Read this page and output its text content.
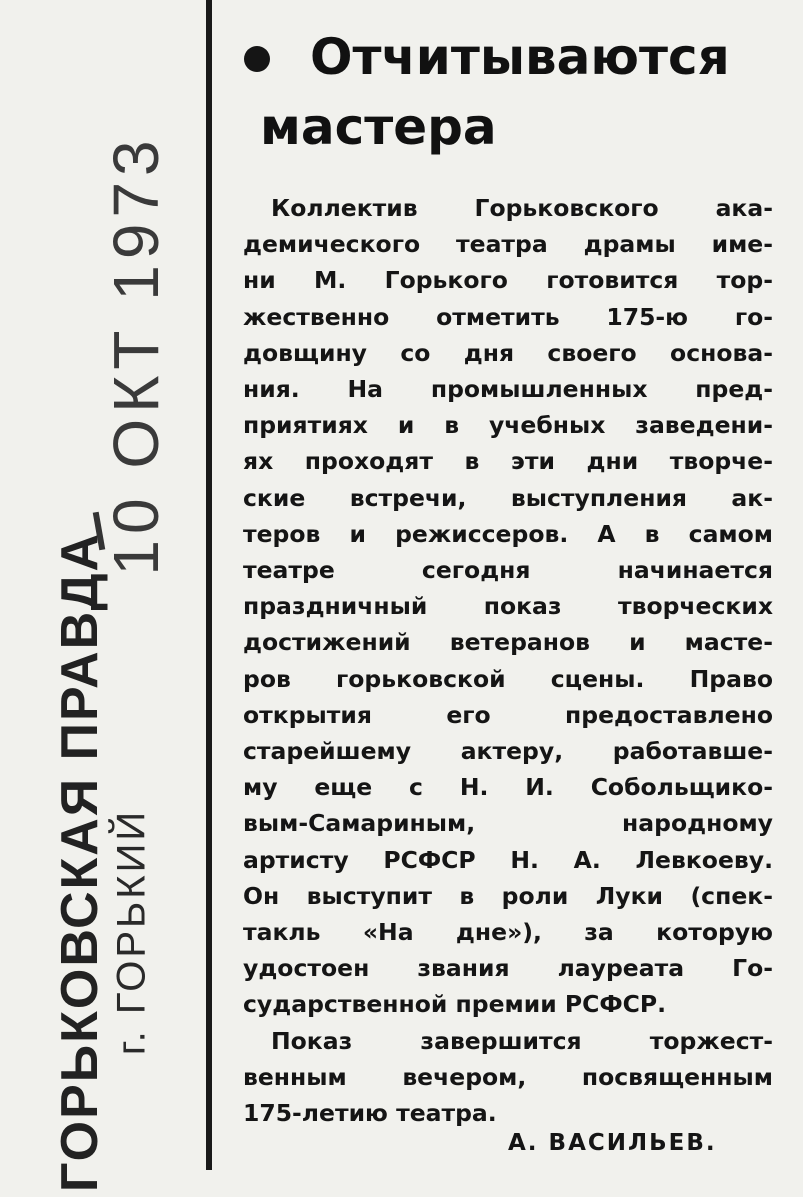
10 ОКТ 1973
ГОРЬКОВСКАЯ ПРАВДА г. ГОРЬКИЙ
Отчитываются
мастера
Коллектив Горьковского ака-
демического театра драмы име-
ни М. Горького готовится тор-
жественно отметить 175-ю го-
довщину со дня своего основа-
ния. На промышленных пред-
приятиях и в учебных заведени-
ях проходят в эти дни творче-
ские встречи, выступления ак-
теров и режиссеров. А в самом
театре сегодня начинается
праздничный показ творческих
достижений ветеранов и масте-
ров горьковской сцены. Право
открытия его предоставлено
старейшему актеру, работавше-
му еще с Н. И. Собольщико-
вым-Самариным, народному
артисту РСФСР Н. А. Левкоеву.
Он выступит в роли Луки (спек-
такль «На дне»), за которую
удостоен звания лауреата Го-
сударственной премии РСФСР.
Показ завершится торжест-
венным вечером, посвященным
175-летию театра.
А. ВАСИЛЬЕВ.
